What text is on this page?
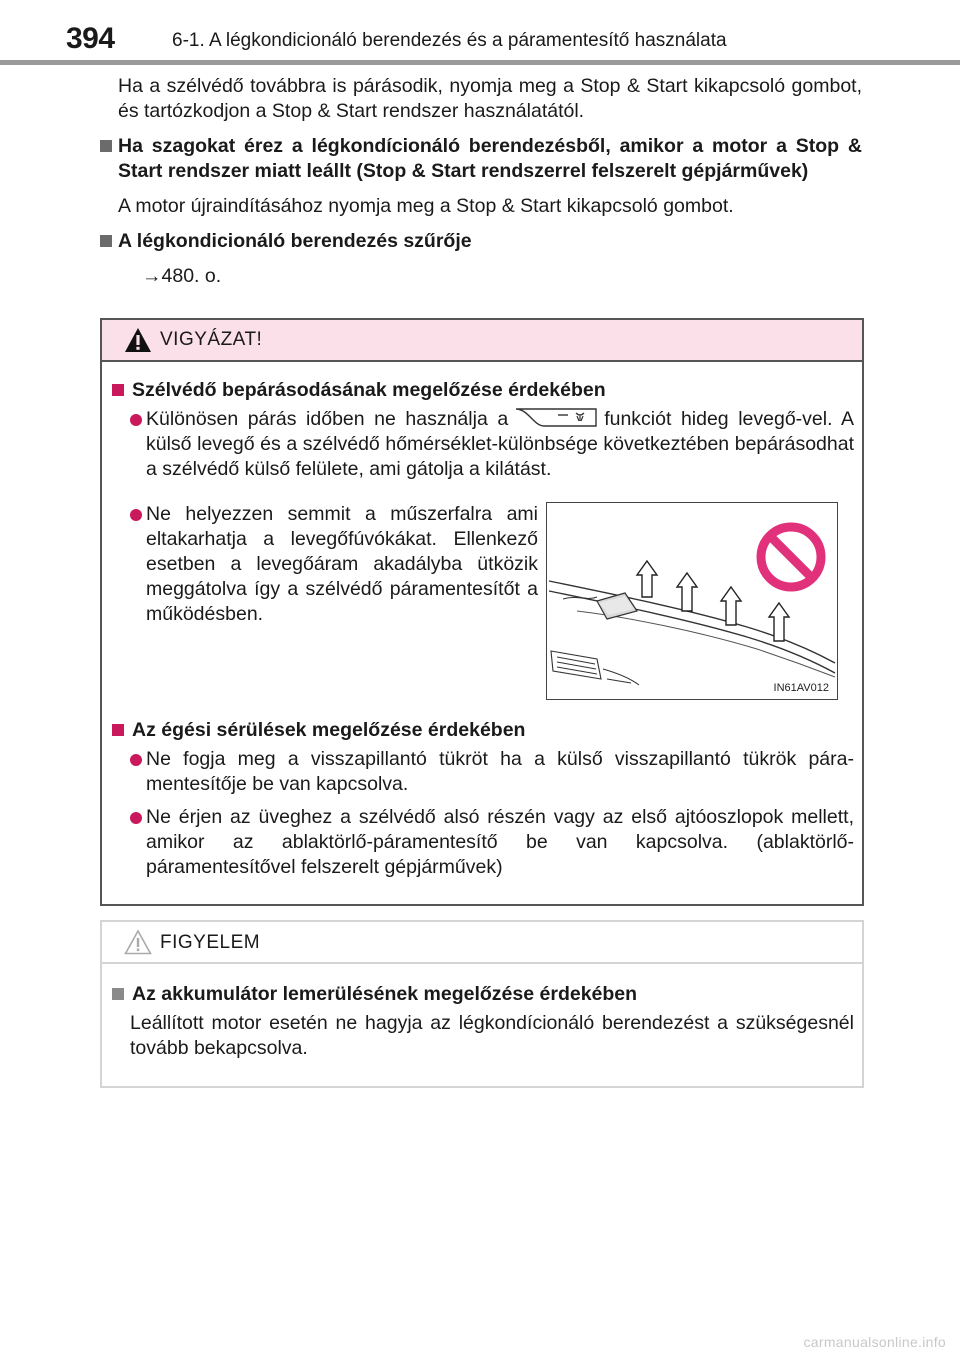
394	6-1. A légkondicionáló berendezés és a páramentesítő használata

Ha a szélvédő továbbra is párásodik, nyomja meg a Stop & Start kikapcsoló gombot, és tartózkodjon a Stop & Start rendszer használatától.

Ha szagokat érez a légkondícionáló berendezésből, amikor a motor a Stop & Start rendszer miatt leállt (Stop & Start rendszerrel felszerelt gépjárművek)

A motor újraindításához nyomja meg a Stop & Start kikapcsoló gombot.

A légkondicionáló berendezés szűrője

→480. o.

VIGYÁZAT!
Szélvédő bepárásodásának megelőzése érdekében
Különösen párás időben ne használja a	funkciót hideg levegő-vel. A külső levegő és a szélvédő hőmérséklet-különbsége következtében bepárásodhat a szélvédő külső felülete, ami gátolja a kilátást.
Ne helyezzen semmit a műszerfalra ami eltakarhatja a levegőfúvókákat. Ellenkező esetben a levegőáram akadályba ütközik meggátolva így a szélvédő páramentesítőt a működésben.
IN61AV012
Az égési sérülések megelőzése érdekében
Ne fogja meg a visszapillantó tükröt ha a külső visszapillantó tükrök páramentesítője be van kapcsolva.
Ne érjen az üveghez a szélvédő alsó részén vagy az első ajtóoszlopok mellett, amikor az ablaktörlő-páramentesítő be van kapcsolva. (ablaktörlő-páramentesítővel felszerelt gépjárművek)
FIGYELEM
Az akkumulátor lemerülésének megelőzése érdekében

Leállított motor esetén ne hagyja az légkondícionáló berendezést a szükségesnél tovább bekapcsolva.

carmanualsonline.info
